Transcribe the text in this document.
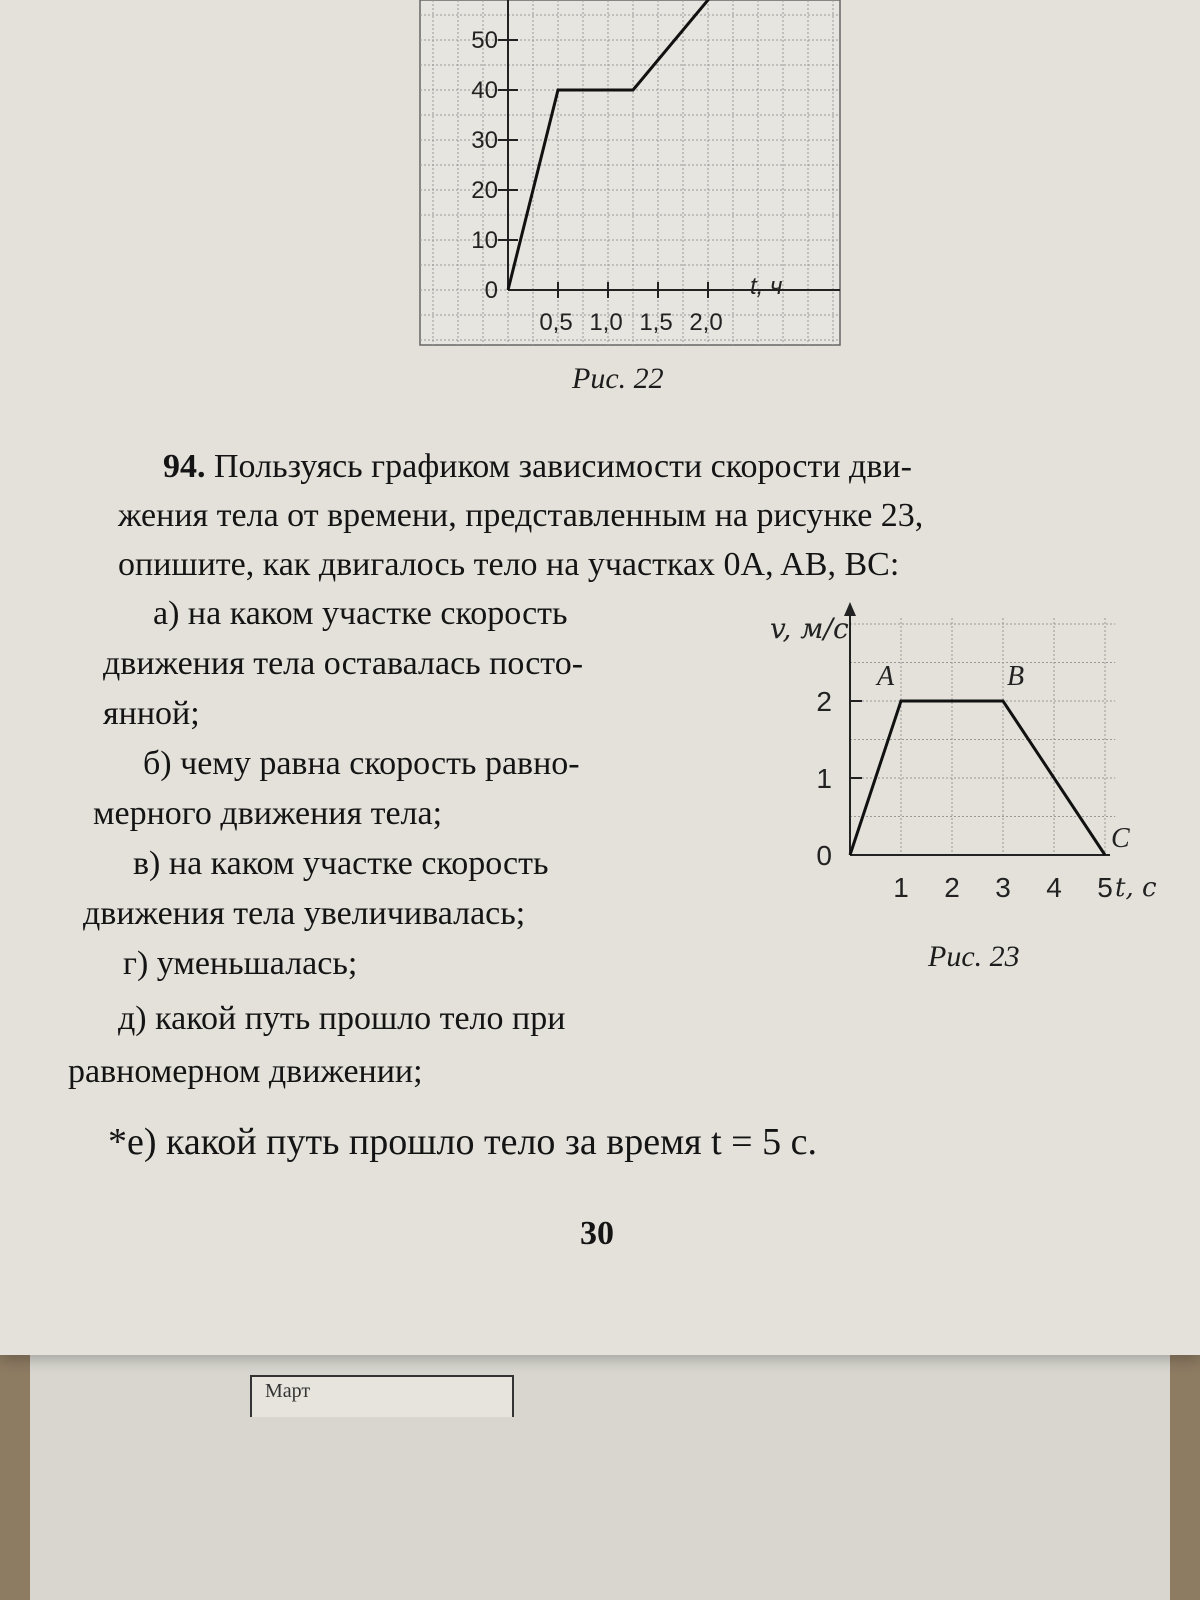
Март
0
10
20
30
40
50
0,5 1,0 1,5 2,0
t, ч
Рис. 22
94. Пользуясь графиком зависимости скорости дви-
жения тела от времени, представленным на рисунке 23,
опишите, как двигалось тело на участках 0A, AB, BC:
а) на каком участке скорость
движения тела оставалась посто-
янной;
б) чему равна скорость равно-
мерного движения тела;
в) на каком участке скорость
движения тела увеличивалась;
г) уменьшалась;
д) какой путь прошло тело при
равномерном движении;
*е) какой путь прошло тело за время t = 5 с.
v, м/с
t, с
0
1
2
1 2 3 4 5
A	B
C
Рис. 23
30
